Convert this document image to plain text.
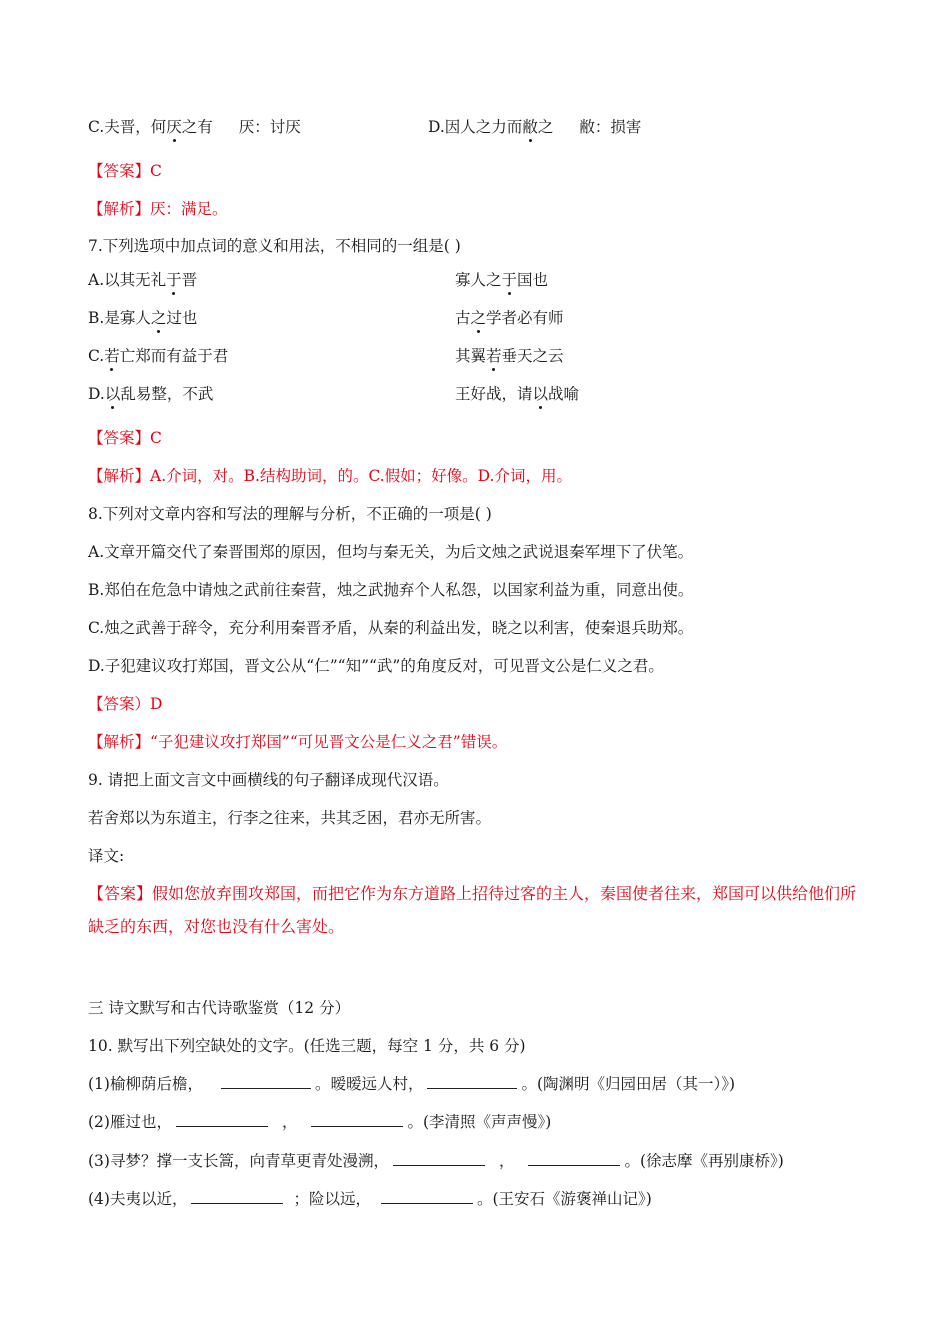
C.夫晋，何厌之有 厌：讨厌	D.因人之力而敝之 敝：损害
【答案】C
【解析】厌：满足。
7.下列选项中加点词的意义和用法，不相同的一组是( )
A.以其无礼于晋	寡人之于国也
B.是寡人之过也	古之学者必有师
C.若亡郑而有益于君	其翼若垂天之云
D.以乱易整，不武	王好战，请以战喻
【答案】C
【解析】A.介词，对。B.结构助词，的。C.假如；好像。D.介词，用。
8.下列对文章内容和写法的理解与分析，不正确的一项是( )
A.文章开篇交代了秦晋围郑的原因，但均与秦无关，为后文烛之武说退秦军埋下了伏笔。
B.郑伯在危急中请烛之武前往秦营，烛之武抛弃个人私怨，以国家利益为重，同意出使。
C.烛之武善于辞令，充分利用秦晋矛盾，从秦的利益出发，晓之以利害，使秦退兵助郑。
D.子犯建议攻打郑国，晋文公从“仁”“知”“武”的角度反对，可见晋文公是仁义之君。
【答案）D
【解析】“子犯建议攻打郑国”“可见晋文公是仁义之君”错误。
9. 请把上面文言文中画横线的句子翻译成现代汉语。
若舍郑以为东道主，行李之往来，共其乏困，君亦无所害。
译文:
【答案】假如您放弃围攻郑国，而把它作为东方道路上招待过客的主人，秦国使者往来，郑国可以供给他们所缺乏的东西，对您也没有什么害处。
三 诗文默写和古代诗歌鉴赏（12 分）
10. 默写出下列空缺处的文字。(任选三题，每空 1 分，共 6 分)
(1)榆柳荫后檐，	。暧暧远人村，	。(陶渊明《归园田居（其一）》)
(2)雁过也，	，	。(李清照《声声慢》)
(3)寻梦？撑一支长篙，向青草更青处漫溯，	，	。(徐志摩《再别康桥》)
(4)夫夷以近，	；险以远，	。(王安石《游褒禅山记》)
